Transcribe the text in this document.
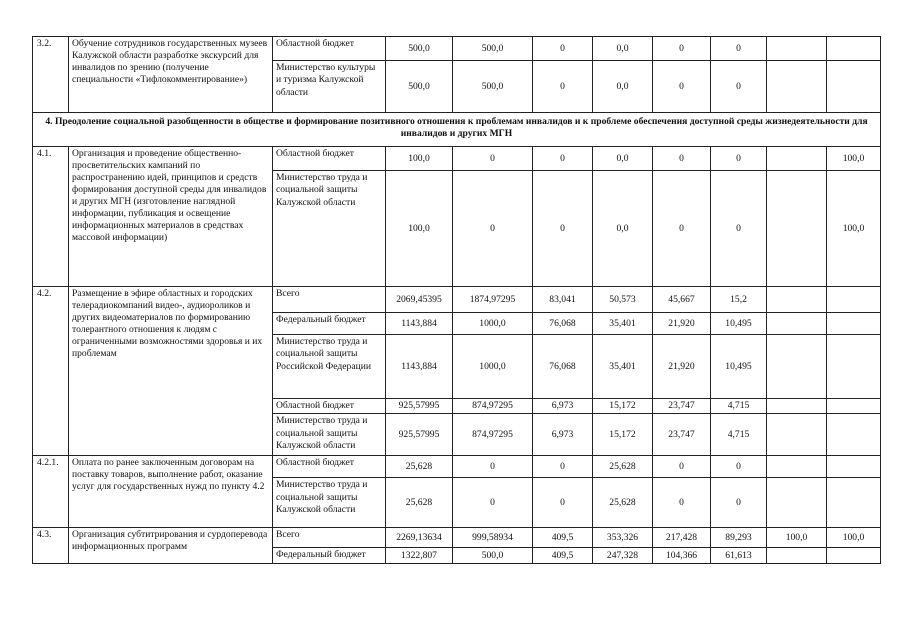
3.2.	Обучение сотрудников государственных музеев Калужской области разработке экскурсий для инвалидов по зрению (получение специальности «Тифлокомментирование»)	Областной бюджет	500,0	500,0	0	0,0	0	0		
		Министерство культуры и туризма Калужской области	500,0	500,0	0	0,0	0	0		
4. Преодоление социальной разобщенности в обществе и формирование позитивного отношения к проблемам инвалидов и к проблеме обеспечения доступной среды жизнедеятельности для инвалидов и других МГН										
4.1.	Организация и проведение общественно-просветительских кампаний по распространению идей, принципов и средств формирования доступной среды для инвалидов и других МГН (изготовление наглядной информации, публикация и освещение информационных материалов в средствах массовой информации)	Областной бюджет	100,0	0	0	0,0	0	0		100,0
		Министерство труда и социальной защиты Калужской области	100,0	0	0	0,0	0	0		100,0
4.2.	Размещение в эфире областных и городских телерадиокомпаний видео-, аудиороликов и других видеоматериалов по формированию толерантного отношения к людям с ограниченными возможностями здоровья и их проблемам	Всего	2069,45395	1874,97295	83,041	50,573	45,667	15,2		
		Федеральный бюджет	1143,884	1000,0	76,068	35,401	21,920	10,495		
		Министерство труда и социальной защиты Российской Федерации	1143,884	1000,0	76,068	35,401	21,920	10,495		
		Областной бюджет	925,57995	874,97295	6,973	15,172	23,747	4,715		
		Министерство труда и социальной защиты Калужской области	925,57995	874,97295	6,973	15,172	23,747	4,715		
4.2.1.	Оплата по ранее заключенным договорам на поставку товаров, выполнение работ, оказание услуг для государственных нужд по пункту 4.2	Областной бюджет	25,628	0	0	25,628	0	0		
		Министерство труда и социальной защиты Калужской области	25,628	0	0	25,628	0	0		
4.3.	Организация субтитрирования и сурдоперевода информационных программ	Всего	2269,13634	999,58934	409,5	353,326	217,428	89,293	100,0	100,0
		Федеральный бюджет	1322,807	500,0	409,5	247,328	104,366	61,613		
